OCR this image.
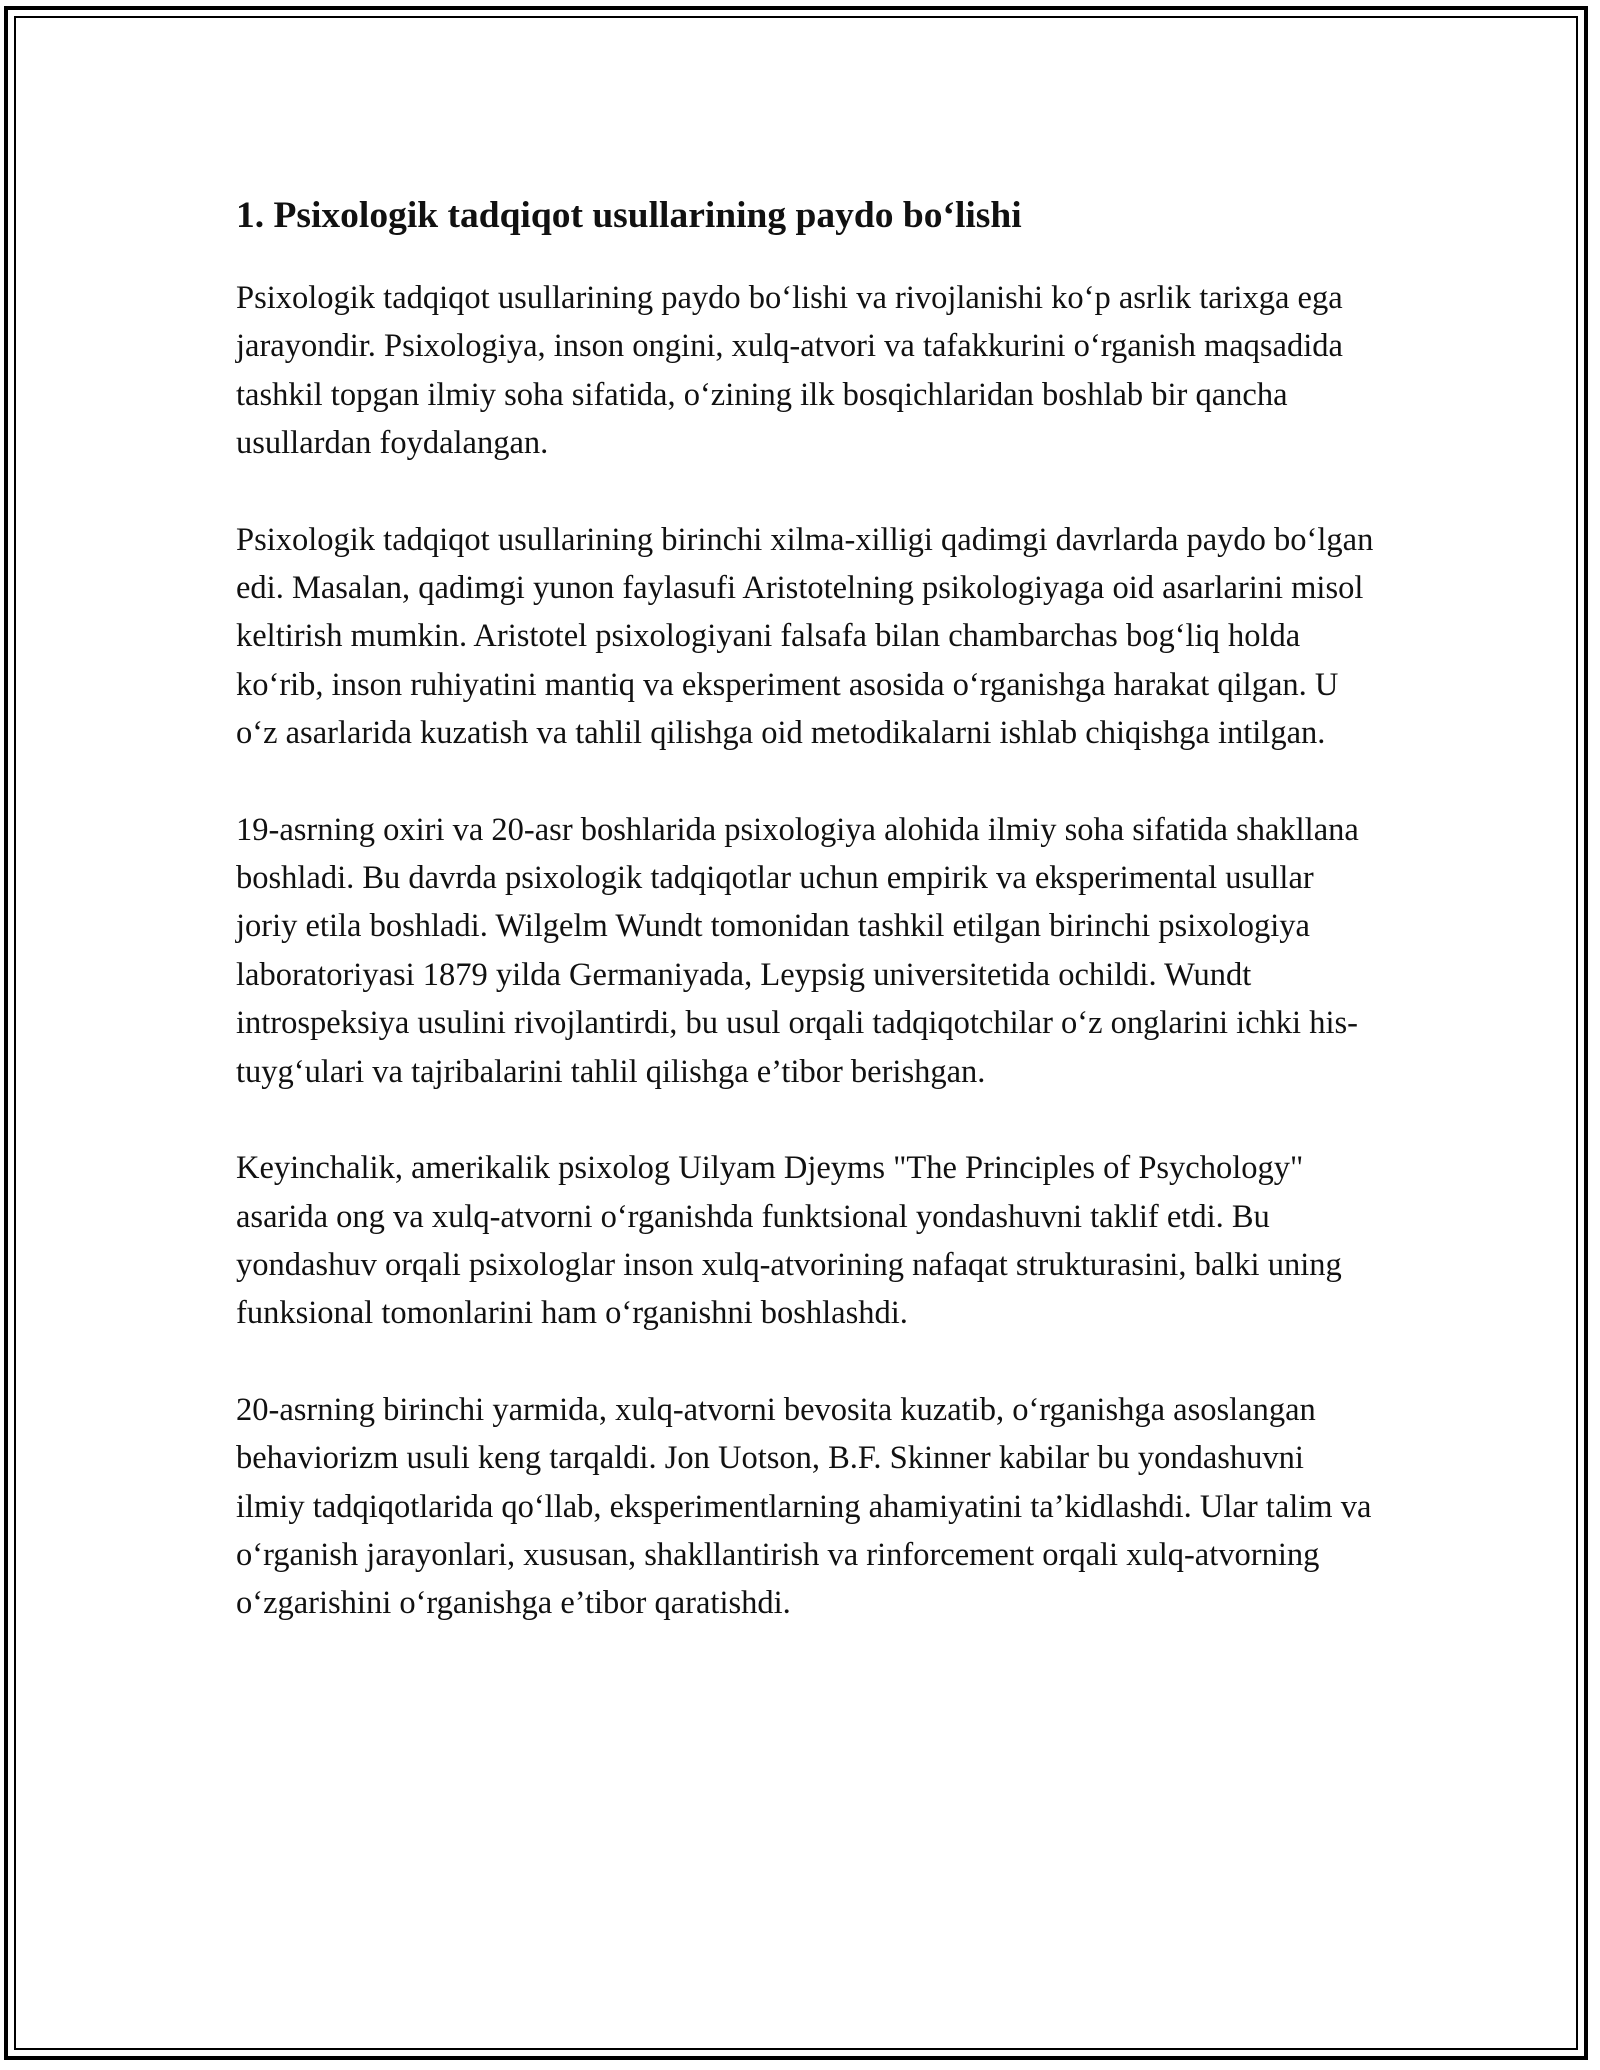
1. Psixologik tadqiqot usullarining paydo bo‘lishi

Psixologik tadqiqot usullarining paydo bo‘lishi va rivojlanishi ko‘p asrlik tarixga ega jarayondir. Psixologiya, inson ongini, xulq-atvori va tafakkurini o‘rganish maqsadida tashkil topgan ilmiy soha sifatida, o‘zining ilk bosqichlaridan boshlab bir qancha usullardan foydalangan.

Psixologik tadqiqot usullarining birinchi xilma-xilligi qadimgi davrlarda paydo bo‘lgan edi. Masalan, qadimgi yunon faylasufi Aristotelning psikologiyaga oid asarlarini misol keltirish mumkin. Aristotel psixologiyani falsafa bilan chambarchas bog‘liq holda ko‘rib, inson ruhiyatini mantiq va eksperiment asosida o‘rganishga harakat qilgan. U o‘z asarlarida kuzatish va tahlil qilishga oid metodikalarni ishlab chiqishga intilgan.

19-asrning oxiri va 20-asr boshlarida psixologiya alohida ilmiy soha sifatida shakllana boshladi. Bu davrda psixologik tadqiqotlar uchun empirik va eksperimental usullar joriy etila boshladi. Wilgelm Wundt tomonidan tashkil etilgan birinchi psixologiya laboratoriyasi 1879 yilda Germaniyada, Leypsig universitetida ochildi. Wundt introspeksiya usulini rivojlantirdi, bu usul orqali tadqiqotchilar o‘z onglarini ichki his-tuyg‘ulari va tajribalarini tahlil qilishga e’tibor berishgan.

Keyinchalik, amerikalik psixolog Uilyam Djeyms "The Principles of Psychology" asarida ong va xulq-atvorni o‘rganishda funktsional yondashuvni taklif etdi. Bu yondashuv orqali psixologlar inson xulq-atvorining nafaqat strukturasini, balki uning funksional tomonlarini ham o‘rganishni boshlashdi.

20-asrning birinchi yarmida, xulq-atvorni bevosita kuzatib, o‘rganishga asoslangan behaviorizm usuli keng tarqaldi. Jon Uotson, B.F. Skinner kabilar bu yondashuvni ilmiy tadqiqotlarida qo‘llab, eksperimentlarning ahamiyatini ta’kidlashdi. Ular talim va o‘rganish jarayonlari, xususan, shakllantirish va rinforcement orqali xulq-atvorning o‘zgarishini o‘rganishga e’tibor qaratishdi.
